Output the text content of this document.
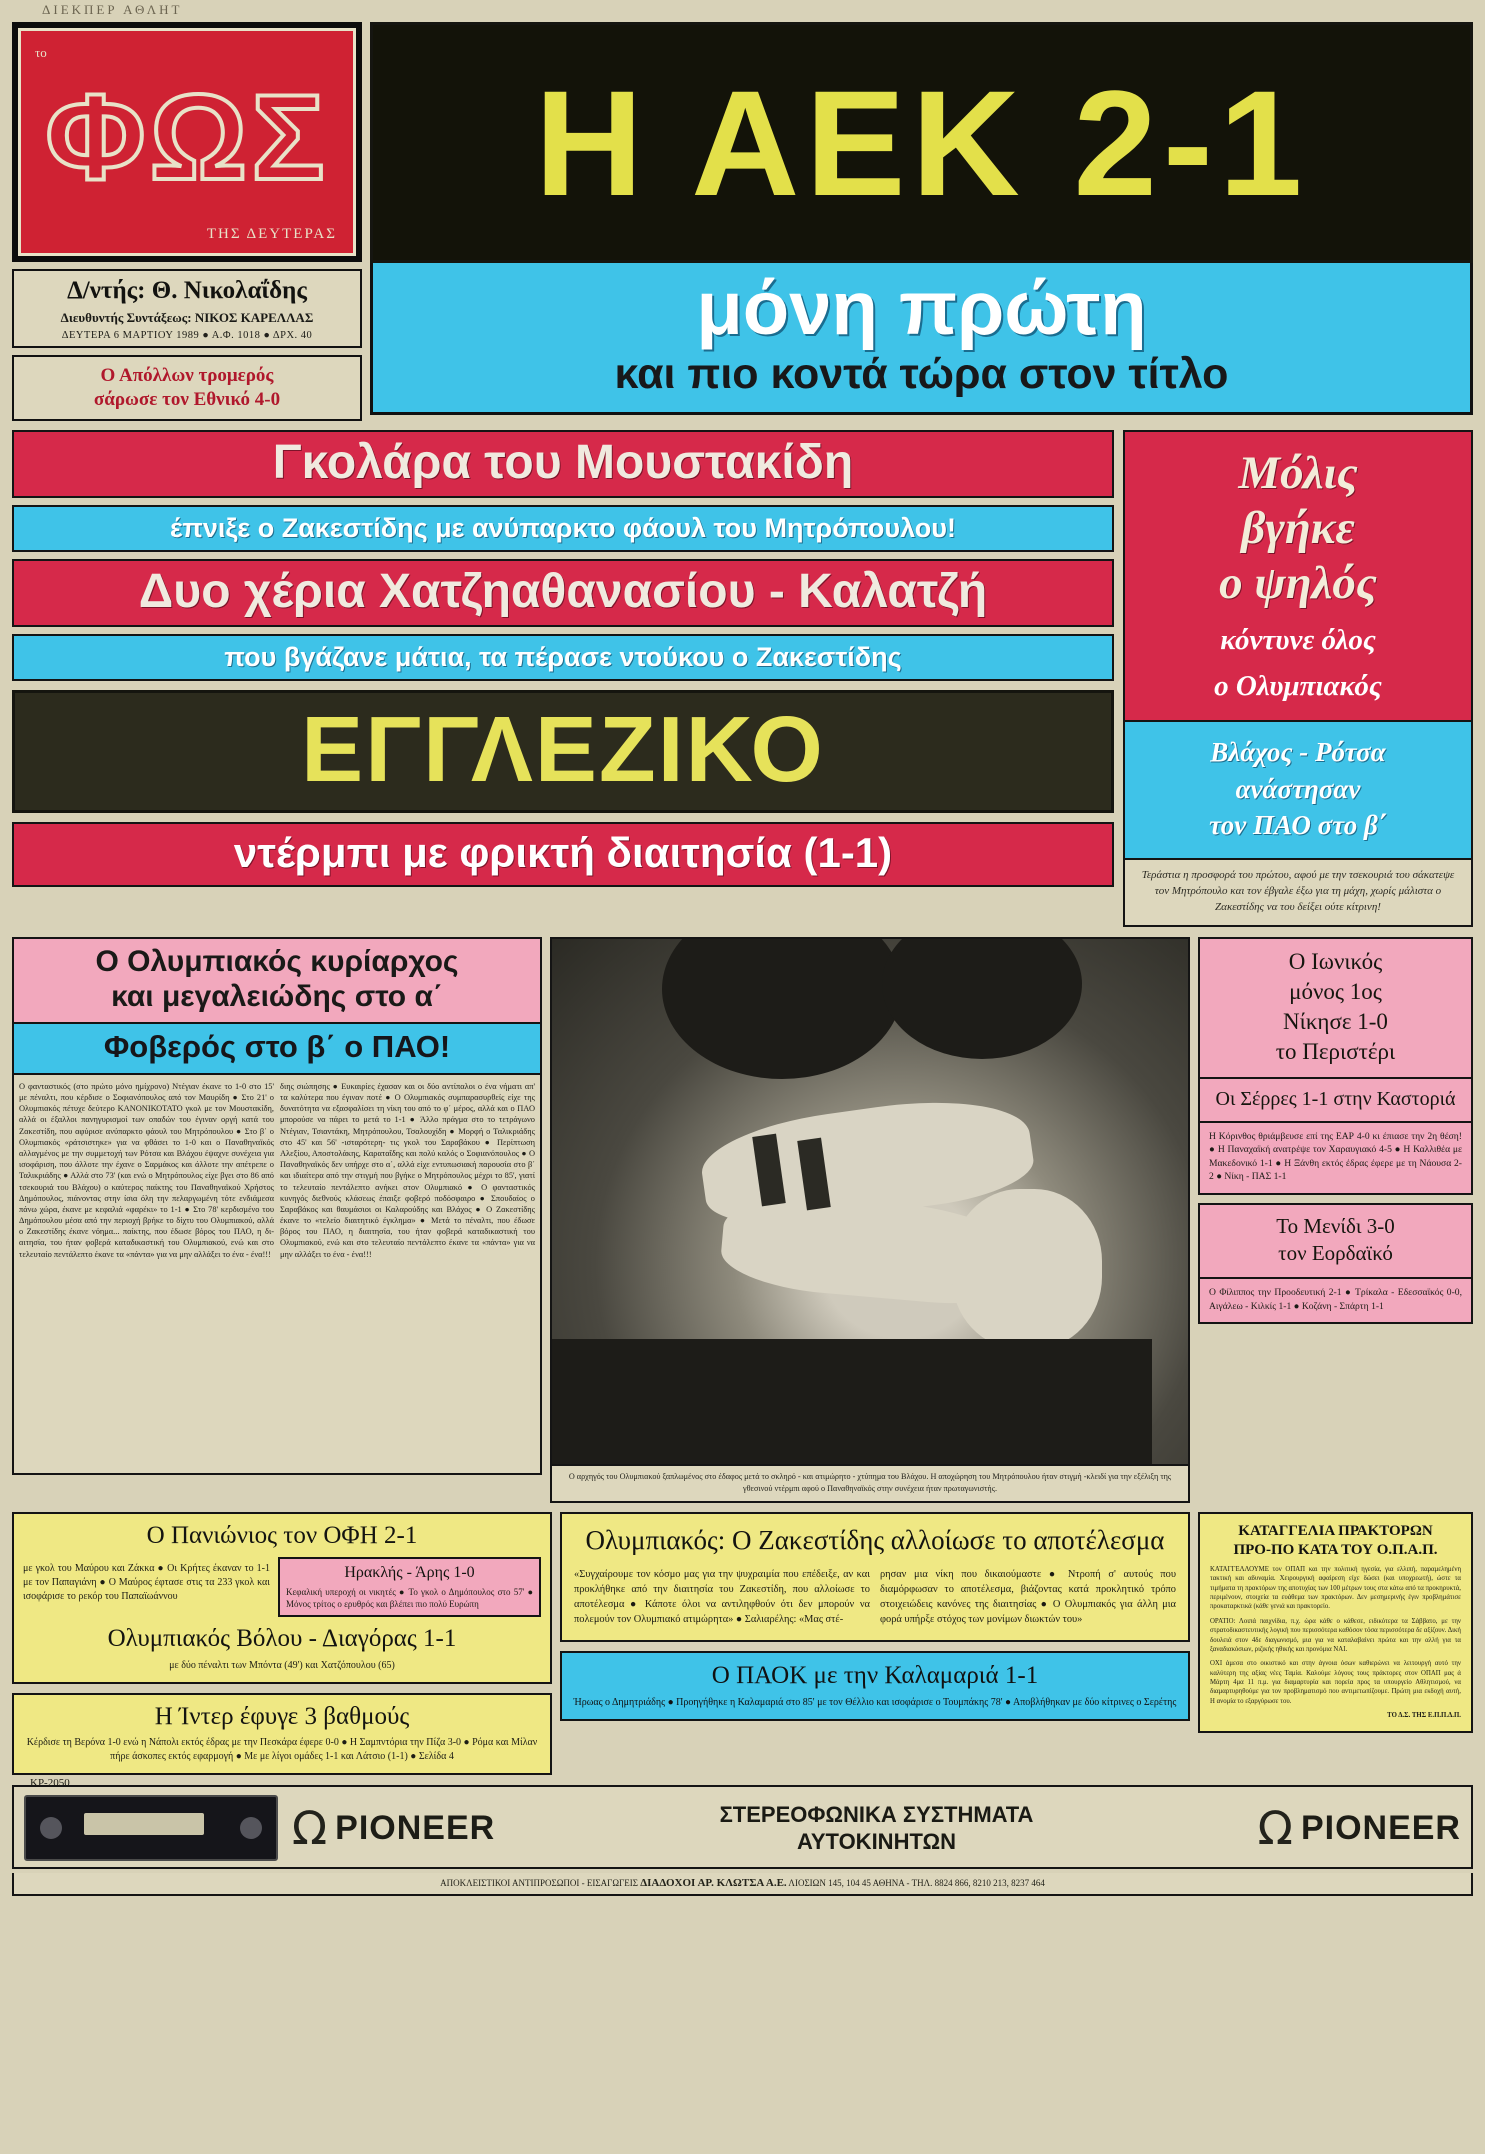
ΔΙΕΚΠΕΡ ΑΘΛΗΤ
το
ΦΩΣ
ΤΗΣ ΔΕΥΤΕΡΑΣ
Δ/ντής: Θ. Νικολαΐδης
Διευθυντής Συντάξεως: ΝΙΚΟΣ ΚΑΡΕΛΛΑΣ
ΔΕΥΤΕΡΑ 6 ΜΑΡΤΙΟΥ 1989 ● Α.Φ. 1018 ● ΔΡΧ. 40
Ο Απόλλων τρομερός
σάρωσε τον Εθνικό 4-0
Η ΑΕΚ 2-1
μόνη πρώτη
και πιο κοντά τώρα στον τίτλο
Γκολάρα του Μουστακίδη
έπνιξε ο Ζακεστίδης με ανύπαρκτο φάουλ του Μητρόπουλου!
Δυο χέρια Χατζηαθανασίου - Καλατζή
που βγάζανε μάτια, τα πέρασε ντούκου ο Ζακεστίδης
ΕΓΓΛΕΖΙΚΟ
ντέρμπι με φρικτή διαιτησία (1-1)
Μόλις
βγήκε
ο ψηλός
κόντυνε όλος
ο Ολυμπιακός
Βλάχος - Ρότσα
ανάστησαν
τον ΠΑΟ στο β΄

Τεράστια η προσφορά του πρώτου, αφού με την τσεκουριά του σάκατεψε τον Μητρόπουλο και τον έβγαλε έξω για τη μάχη, χωρίς μάλιστα ο Ζακεστίδης να του δείξει ούτε κίτρινη!

Ο Ολυμπιακός κυρίαρχος
και μεγαλειώδης στο α΄
Φοβερός στο β΄ ο ΠΑΟ!
Ο φανταστικός (στο πρώτο μόνο ημίχρονο) Ντέγιαν έκανε το 1-0 στο 15' με πέναλτι, που κέρδισε ο Σοφιανόπουλος από τον Μαυρίδη ● Στο 21' ο Ολυμπιακός πέτυχε δεύτερο ΚΑΝΟΝΙΚΟΤΑΤΟ γκολ με τον Μουστακίδη, αλλά οι έξαλλοι πανηγυρισμοί των οπαδών του έγιναν οργή κατά του Ζακεστίδη, που αφύρισε ανύπαρκτο φάουλ του Μητρόπουλου ● Στο β΄ ο Ολυμπιακός «ράτσιστηκε» για να φθάσει το 1-0 και ο Παναθηναϊκός αλλαγμένος με την συμμετοχή των Ρότσα και Βλάχου έψαχνε συνέχεια για ισοφάριση, που άλλοτε την έχανε ο Σαρμάκος και άλλοτε την απέτρεπε ο Ταλικριάδης ● Αλλά στο 73' (και ενώ ο Μητρόπουλος είχε βγει στο 86 από τσεκουριά του Βλάχου) ο καύτερος παίκτης του Παναθηναϊκού Χρήστος Δημόπουλος, πιάνοντας στην ίσια όλη την πελαργωμένη τότε ενδιάμεσα πάνω χώρα, έκανε με κεφαλιά «φαρέκι» το 1-1 ● Στο 78' κερδισμένο του Δημόπουλου μέσα από την περιοχή βρήκε το δίχτυ του Ολυμπιακού, αλλά ο Ζακεστίδης έκανε νόημα... παίκτης, που έδωσε βόρος του ΠΑΟ, η δι-αιτησία, του ήταν φοβερά καταδικαστική του Ολυμπιακού, ενώ και στο τελευταίο πεντάλεπτο έκανε τα «πάντα» για να μην αλλάξει το ένα - ένα!!!
διης σιώπησης ● Ευκαιρίες έχασαν και οι δύο αντίπαλοι ο ένα νήματι απ' τα καλύτερα που έγιναν ποτέ ● Ο Ολυμπιακός συμπαρασυρθείς είχε της δυνατότητα να εξασφαλίσει τη νίκη του από το φ΄ μέρος, αλλά και ο ΠΑΟ μπορούσε να πάρει το μετά το 1-1 ● Άλλο πράγμα στο το τετράγωνο Ντέγιαν, Τσιαντάκη, Μητρόπουλου, Τσαλουχίδη ● Μορφή ο Ταλικριάδης στο 45' και 56' -ισταρότερη- τις γκολ του Σαραβάκου ● Περίπτωση Αλεξίου, Αποστολάκης, Καραταΐδης και πολύ καλός ο Σοφιανόπουλος ● Ο Παναθηναϊκός δεν υπήρχε στο α΄, αλλά είχε εντυπωσιακή παρουσία στο β΄ και ιδιαίτερα από την στιγμή που βγήκε ο Μητρόπουλος μέχρι το 85', γιατί το τελευταίο πεντάλεπτο ανήκει στον Ολυμπιακό ● Ο φανταστικός κυνηγός διεθνούς κλάσεως έπαιξε φοβερό ποδόσφαιρο ● Σπουδαίος ο Σαραβάκος και θαυμάσιοι οι Καλαρούδης και Βλάχος ● Ο Ζακεστίδης έκανε το «τελείο διαιτητικό έγκλημα» ● Μετά το πέναλτι, που έδωσε βόρος του ΠΑΟ, η διαιτησία, του ήταν φοβερά καταδικαστική του Ολυμπιακού, ενώ και στο τελευταίο πεντάλεπτο έκανε τα «πάντα» για να μην αλλάξει το ένα - ένα!!!

Ο αρχηγός του Ολυμπιακού ξαπλωμένος στο έδαφος μετά το σκληρό - και ατιμώρητο - χτύπημα του Βλάχου. Η αποχώρηση του Μητρόπουλου ήταν στιγμή -κλειδί για την εξέλιξη της γθεσινού ντέρμπι αφού ο Παναθηναϊκός στην συνέχεια ήταν πρωταγωνιστής.

Ο Ιωνικός
μόνος 1ος
Νίκησε 1-0
το Περιστέρι
Οι Σέρρες 1-1 στην Καστοριά

Η Κόρινθος θριάμβευσε επί της ΕΑΡ 4-0 κι έπιασε την 2η θέση! ● Η Παναχαϊκή ανατρέψε τον Χαραυγιακό 4-5 ● Η Καλλιθέα με Μακεδονικό 1-1 ● Η Ξάνθη εκτός έδρας έφερε με τη Νάουσα 2-2 ● Νίκη - ΠΑΣ 1-1

Το Μενίδι 3-0
τον Εορδαϊκό

Ο Φίλιππος την Προοδευτική 2-1 ● Τρίκαλα - Εδεσσαϊκός 0-0, Αιγάλεω - Κιλκίς 1-1 ● Κοζάνη - Σπάρτη 1-1

Ο Πανιώνιος τον ΟΦΗ 2-1
με γκολ του Μαύρου και Ζάκκα ● Οι Κρήτες έκαναν το 1-1 με τον Παπαγιάνη ● Ο Μαύρος έφτασε στις τα 233 γκολ και ισοφάρισε το ρεκόρ του Παπαϊωάννου
Ηρακλής - Άρης 1-0
Κεφαλική υπεροχή οι νικητές ● Το γκολ ο Δημόπουλος στο 57' ● Μόνος τρίτος ο ερυθρός και βλέπει πιο πολύ Ευρώπη
Ολυμπιακός Βόλου - Διαγόρας 1-1
με δύο πέναλτι των Μπόντα (49') και Χατζόπουλου (65)
Η Ίντερ έφυγε 3 βαθμούς
Κέρδισε τη Βερόνα 1-0 ενώ η Νάπολι εκτός έδρας με την Πεσκάρα έφερε 0-0 ● Η Σαμπντόρια την Πίζα 3-0 ● Ρόμα και Μίλαν πήρε άσκοπες εκτός εφαρμογή ● Με με λίγοι ομάδες 1-1 και Λάτσιο (1-1) ● Σελίδα 4
Ολυμπιακός: Ο Ζακεστίδης αλλοίωσε το αποτέλεσμα

«Συγχαίρουμε τον κόσμο μας για την ψυχραιμία που επέδειξε, αν και προκλήθηκε από την διαιτησία του Ζακεστίδη, που αλλοίωσε το αποτέλεσμα ● Κάποτε όλοι να αντιληφθούν ότι δεν μπορούν να πολεμούν τον Ολυμπιακό ατιμώρητα» ● Σαλιαρέλης: «Μας στέ-

ρησαν μια νίκη που δικαιούμαστε ● Ντροπή σ' αυτούς που διαμόρφωσαν το αποτέλεσμα, βιάζοντας κατά προκλητικό τρόπο στοιχειώδεις κανόνες της διαιτησίας ● Ο Ολυμπιακός για άλλη μια φορά υπήρξε στόχος των μονίμων διωκτών του»

Ο ΠΑΟΚ με την Καλαμαριά 1-1
Ήρωας ο Δημητριάδης ● Προηγήθηκε η Καλαμαριά στο 85' με τον Θέλλιο και ισοφάρισε ο Τουμπάκης 78' ● Αποβλήθηκαν με δύο κίτρινες ο Σερέτης
ΚΑΤΑΓΓΕΛΙΑ ΠΡΑΚΤΟΡΩΝ
ΠΡΟ-ΠΟ ΚΑΤΑ ΤΟΥ Ο.Π.Α.Π.

ΚΑΤΑΓΓΕΛΛΟΥΜΕ τον ΟΠΑΠ και την πολιτική ηγεσία, για ελλιπή, παραμελημένη τακτική και αδυναμία. Χειρουργική αφαίρεση είχε δώσει (και υποχρεωτή), ώστε τα τιμήματα τη πρακτόρων της αποτυχίας των 100 μέτρων τους στα κάτω από τα προκηρυκτά, περιμένουν, στοιχεία τα ευάθεμα των πρακτόρων. Δεν μεσημερινής έγιν προβλημάτισε προκαταρκτικά (κάθε γενιά και πρακτορείο.

ΟΡΑΤΙΟ: Λοιπά παιχνίδια, π.χ. ώρα κάθε ο κάθεσε, ειδικότερα τα Σάββατο, με την στρατοδικαστευτικής λογική που περισσότερα καθόσον τόσα περισσότερα δε αξίζουν. Δική δουλειά στον 4δε διαγωνισμό, μια για να καταλαβαίνει πρώτα και την αλλή για τα ξαναδιακόσιων, ριζικής ηθικής και προνόμια ΝΑΙ.

ΟΧΙ άμεσα στο οικιστικό και στην άγνοια όσων καθιερώνει να λειτουργή αυτό την καλύτερη της αξίας νέες Ταμία. Καλούμε λόγους τους πράκτορες στον ΟΠΑΠ μας ά Μάρτη 4μα 11 π.μ. για διαμαρτυρία και πορεία προς τα υπουργείο Αθλητισμού, να διαμαρτυρηθούμε για τον προβληματισμό που αντιμετωπίζουμε. Πρώτη μια εκδοχή αυτή, Η ανομία το εξαργύρωσε του.

ΤΟ Δ.Σ. ΤΗΣ Ε.Π.Π.Δ.Π.

KP-2050
Ω PIONEER	ΣΤΕΡΕΟΦΩΝΙΚΑ ΣΥΣΤΗΜΑΤΑ
ΑΥΤΟΚΙΝΗΤΩΝ	Ω PIONEER
ΑΠΟΚΛΕΙΣΤΙΚΟΙ ΑΝΤΙΠΡΟΣΩΠΟΙ - ΕΙΣΑΓΩΓΕΙΣ ΔΙΑΔΟΧΟΙ ΑΡ. ΚΛΩΤΣΑ Α.Ε. ΛΙΟΣΙΩΝ 145, 104 45 ΑΘΗΝΑ - ΤΗΛ. 8824 866, 8210 213, 8237 464
